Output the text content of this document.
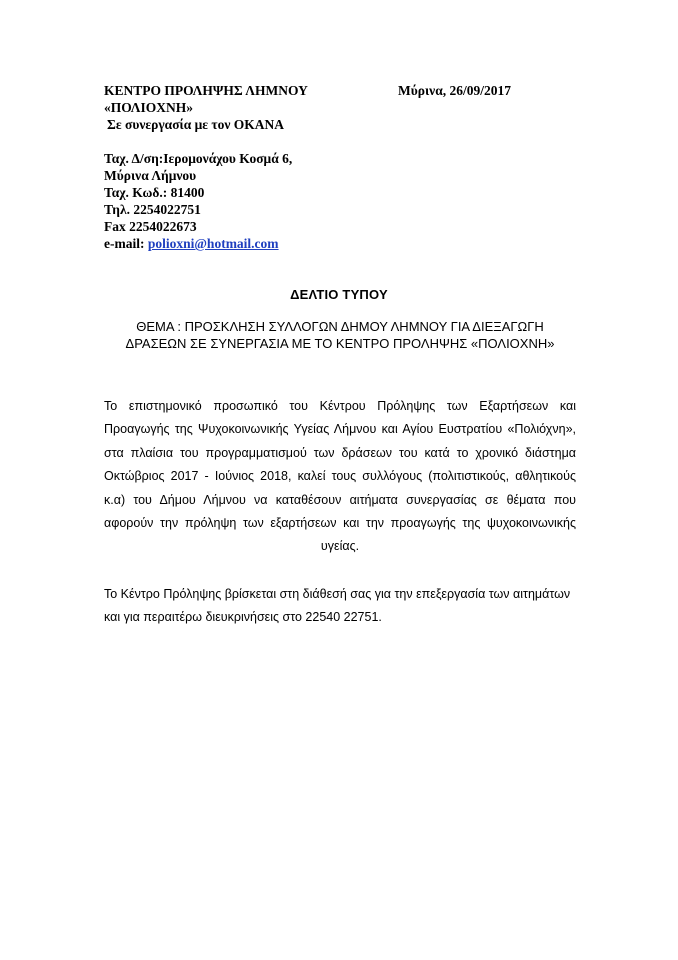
ΚΕΝΤΡΟ ΠΡΟΛΗΨΗΣ ΛΗΜΝΟΥ	Μύρινα, 26/09/2017
«ΠΟΛΙΟΧΝΗ»
Σε συνεργασία με τον ΟΚΑΝΑ
Ταχ. Δ/ση:Ιερομονάχου Κοσμά 6,
Μύρινα Λήμνου
Ταχ. Κωδ.: 81400
Τηλ. 2254022751
Fax 2254022673
e-mail: polioxni@hotmail.com
ΔΕΛΤΙΟ ΤΥΠΟΥ
ΘΕΜΑ : ΠΡΟΣΚΛΗΣΗ ΣΥΛΛΟΓΩΝ ΔΗΜΟΥ ΛΗΜΝΟΥ ΓΙΑ ΔΙΕΞΑΓΩΓΗ
ΔΡΑΣΕΩΝ ΣΕ ΣΥΝΕΡΓΑΣΙΑ ΜΕ ΤΟ ΚΕΝΤΡΟ ΠΡΟΛΗΨΗΣ «ΠΟΛΙΟΧΝΗ»
Το επιστημονικό προσωπικό του Κέντρου Πρόληψης των Εξαρτήσεων και
Προαγωγής της Ψυχοκοινωνικής Υγείας Λήμνου και Αγίου Ευστρατίου «Πολιόχνη»,
στα πλαίσια του προγραμματισμού των δράσεων του κατά το χρονικό διάστημα
Οκτώβριος 2017 - Ιούνιος 2018, καλεί τους συλλόγους (πολιτιστικούς, αθλητικούς
κ.α) του Δήμου Λήμνου να καταθέσουν αιτήματα συνεργασίας σε θέματα που
αφορούν την πρόληψη των εξαρτήσεων και την προαγωγής της ψυχοκοινωνικής
υγείας.
Το Κέντρο Πρόληψης βρίσκεται στη διάθεσή σας για την επεξεργασία των αιτημάτων
και για περαιτέρω διευκρινήσεις στο 22540 22751.
